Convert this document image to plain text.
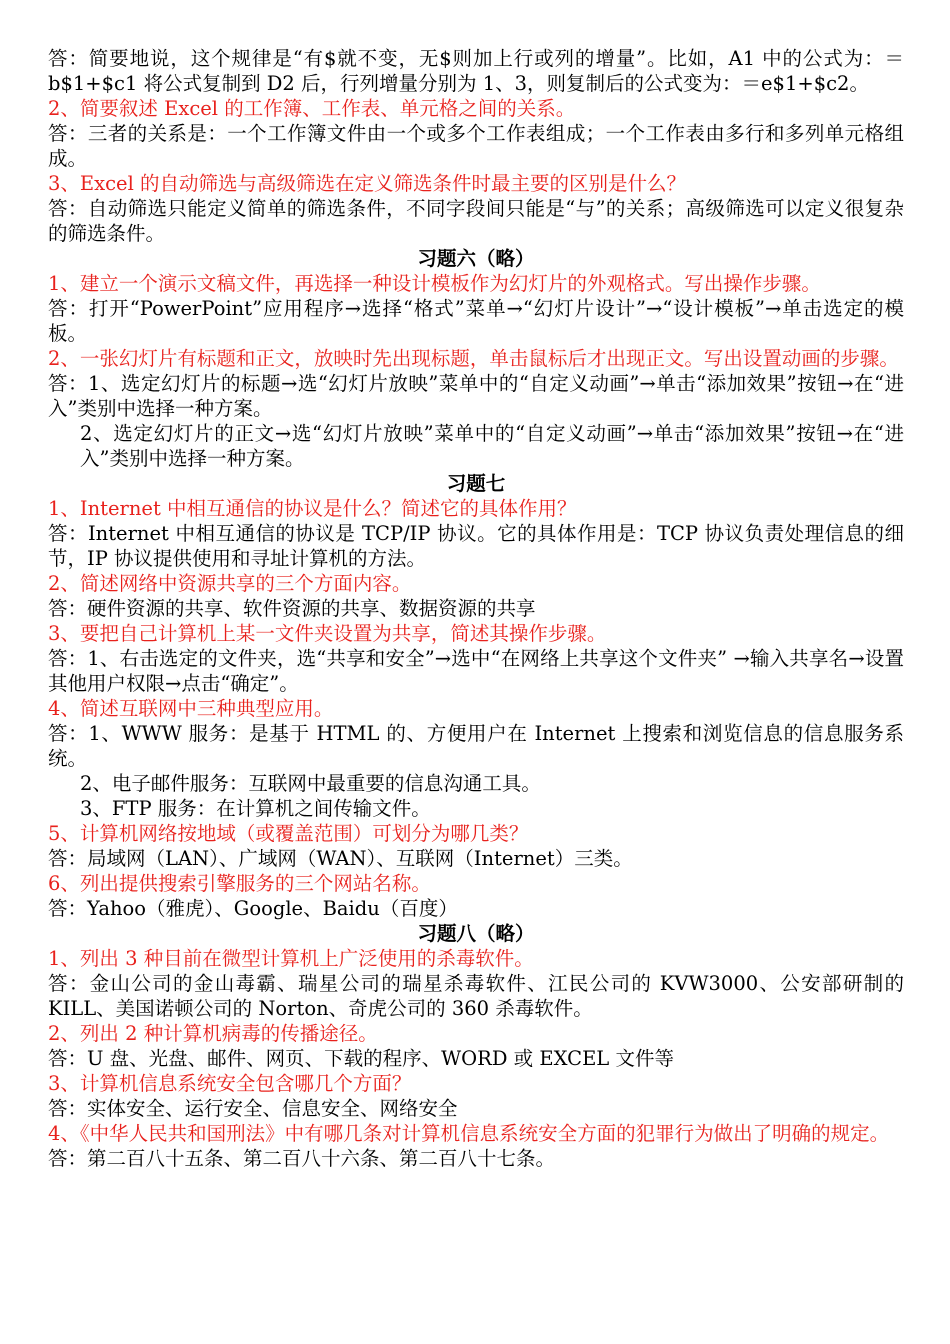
答：简要地说，这个规律是“有$就不变，无$则加上行或列的增量”。比如，A1 中的公式为：＝b$1+$c1 将公式复制到 D2 后，行列增量分别为 1、3，则复制后的公式变为：＝e$1+$c2。
2、简要叙述 Excel 的工作簿、工作表、单元格之间的关系。
答：三者的关系是：一个工作簿文件由一个或多个工作表组成；一个工作表由多行和多列单元格组成。
3、Excel 的自动筛选与高级筛选在定义筛选条件时最主要的区别是什么？
答：自动筛选只能定义简单的筛选条件，不同字段间只能是“与”的关系；高级筛选可以定义很复杂的筛选条件。
习题六（略）
1、建立一个演示文稿文件，再选择一种设计模板作为幻灯片的外观格式。写出操作步骤。
答：打开“PowerPoint”应用程序→选择“格式”菜单→“幻灯片设计”→“设计模板”→单击选定的模板。
2、一张幻灯片有标题和正文，放映时先出现标题，单击鼠标后才出现正文。写出设置动画的步骤。
答：1、选定幻灯片的标题→选“幻灯片放映”菜单中的“自定义动画”→单击“添加效果”按钮→在“进入”类别中选择一种方案。
2、选定幻灯片的正文→选“幻灯片放映”菜单中的“自定义动画”→单击“添加效果”按钮→在“进入”类别中选择一种方案。
习题七
1、Internet 中相互通信的协议是什么？简述它的具体作用？
答：Internet 中相互通信的协议是 TCP/IP 协议。它的具体作用是：TCP 协议负责处理信息的细节，IP 协议提供使用和寻址计算机的方法。
2、简述网络中资源共享的三个方面内容。
答：硬件资源的共享、软件资源的共享、数据资源的共享
3、要把自己计算机上某一文件夹设置为共享，简述其操作步骤。
答：1、右击选定的文件夹，选“共享和安全”→选中“在网络上共享这个文件夹” →输入共享名→设置其他用户权限→点击“确定”。
4、简述互联网中三种典型应用。
答：1、WWW 服务：是基于 HTML 的、方便用户在 Internet 上搜索和浏览信息的信息服务系统。
2、电子邮件服务：互联网中最重要的信息沟通工具。
3、FTP 服务：在计算机之间传输文件。
5、计算机网络按地域（或覆盖范围）可划分为哪几类？
答：局域网（LAN）、广域网（WAN）、互联网（Internet）三类。
6、列出提供搜索引擎服务的三个网站名称。
答：Yahoo（雅虎）、Google、Baidu（百度）
习题八（略）
1、列出 3 种目前在微型计算机上广泛使用的杀毒软件。
答：金山公司的金山毒霸、瑞星公司的瑞星杀毒软件、江民公司的 KVW3000、公安部研制的 KILL、美国诺顿公司的 Norton、奇虎公司的 360 杀毒软件。
2、列出 2 种计算机病毒的传播途径。
答：U 盘、光盘、邮件、网页、下载的程序、WORD 或 EXCEL 文件等
3、计算机信息系统安全包含哪几个方面？
答：实体安全、运行安全、信息安全、网络安全
4、《中华人民共和国刑法》中有哪几条对计算机信息系统安全方面的犯罪行为做出了明确的规定。
答：第二百八十五条、第二百八十六条、第二百八十七条。
